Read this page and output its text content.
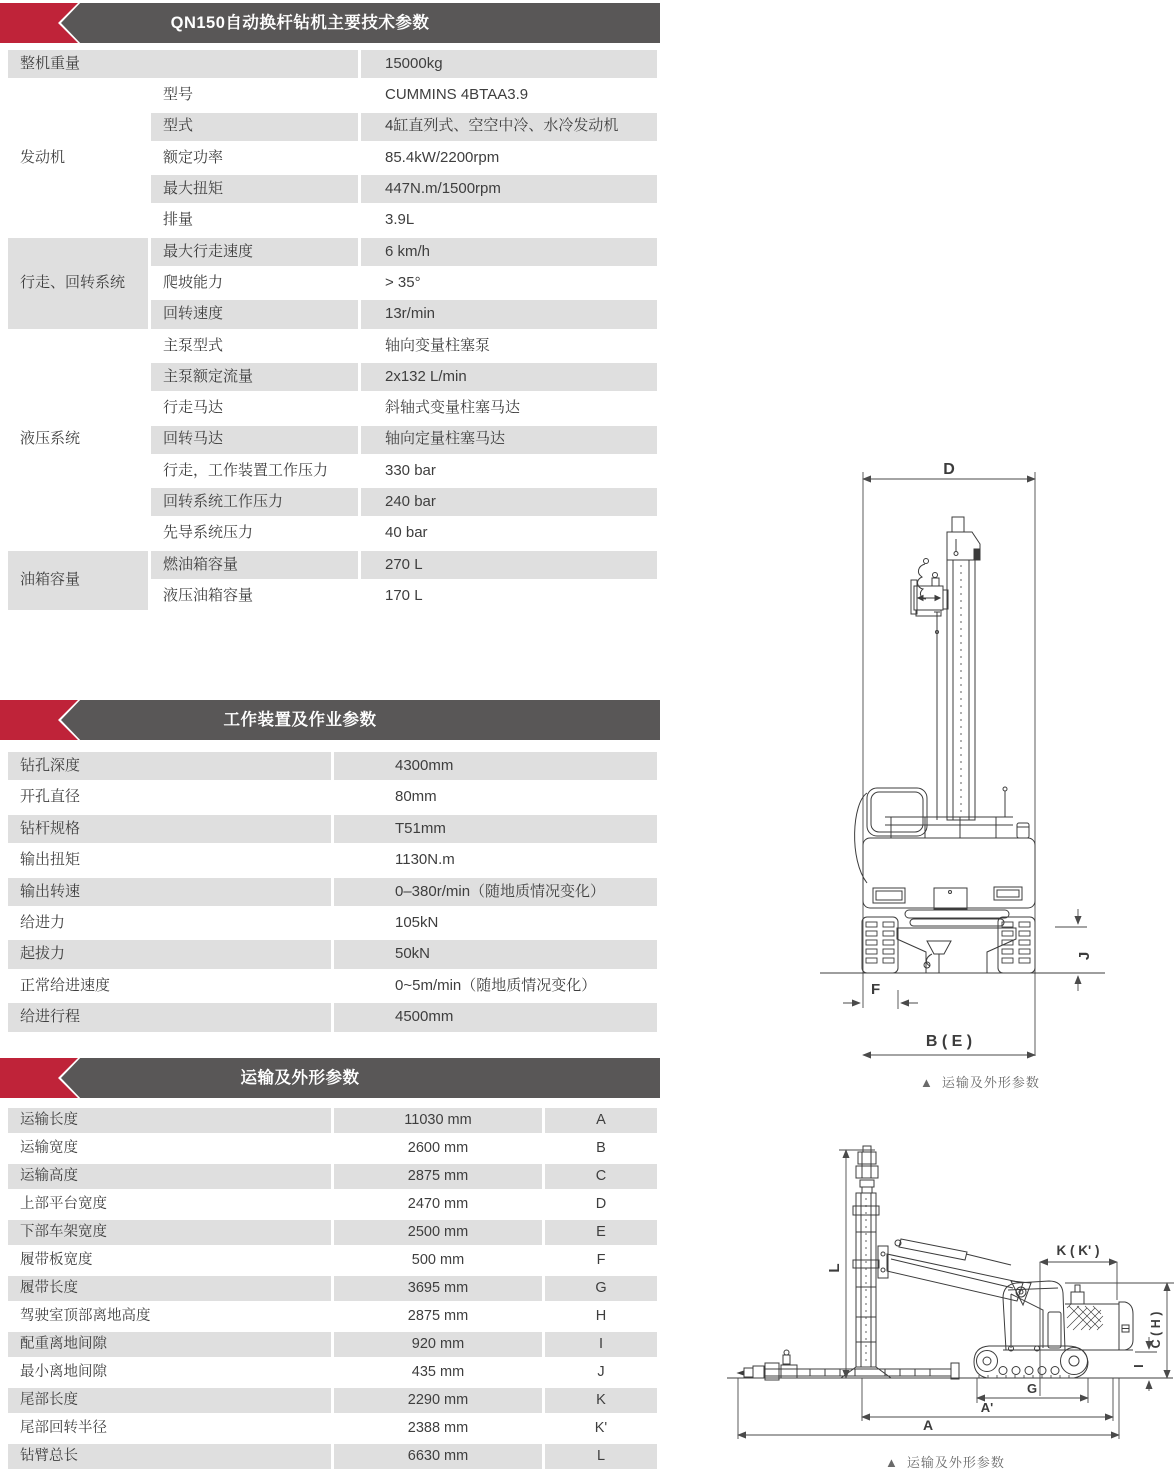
QN150自动换杆钻机主要技术参数
整机重量	15000kg
发动机
型号	CUMMINS 4BTAA3.9
型式	4缸直列式、空空中冷、水冷发动机
额定功率	85.4kW/2200rpm
最大扭矩	447N.m/1500rpm
排量	3.9L
行走、回转系统
最大行走速度	6 km/h
爬坡能力	> 35°
回转速度	13r/min
液压系统
主泵型式	轴向变量柱塞泵
主泵额定流量	2x132 L/min
行走马达	斜轴式变量柱塞马达
回转马达	轴向定量柱塞马达
行走，工作装置工作压力	330 bar
回转系统工作压力	240 bar
先导系统压力	40 bar
油箱容量
燃油箱容量	270 L
液压油箱容量	170 L
工作装置及作业参数
钻孔深度	4300mm
开孔直径	80mm
钻杆规格	T51mm
输出扭矩	1130N.m
输出转速	0–380r/min（随地质情况变化）
给进力	105kN
起拔力	50kN
正常给进速度	0~5m/min（随地质情况变化）
给进行程	4500mm
运输及外形参数
运输长度	11030 mm	A
运输宽度	2600 mm	B
运输高度	2875 mm	C
上部平台宽度	2470 mm	D
下部车架宽度	2500 mm	E
履带板宽度	500 mm	F
履带长度	3695 mm	G
驾驶室顶部离地高度	2875 mm	H
配重离地间隙	920 mm	I
最小离地间隙	435 mm	J
尾部长度	2290 mm	K
尾部回转半径	2388 mm	K'
钻臂总长	6630 mm	L
D
F
J
B ( E )
▲ 运输及外形参数
L
K ( K' )
C ( H )
I
G
A'
A
▲ 运输及外形参数
